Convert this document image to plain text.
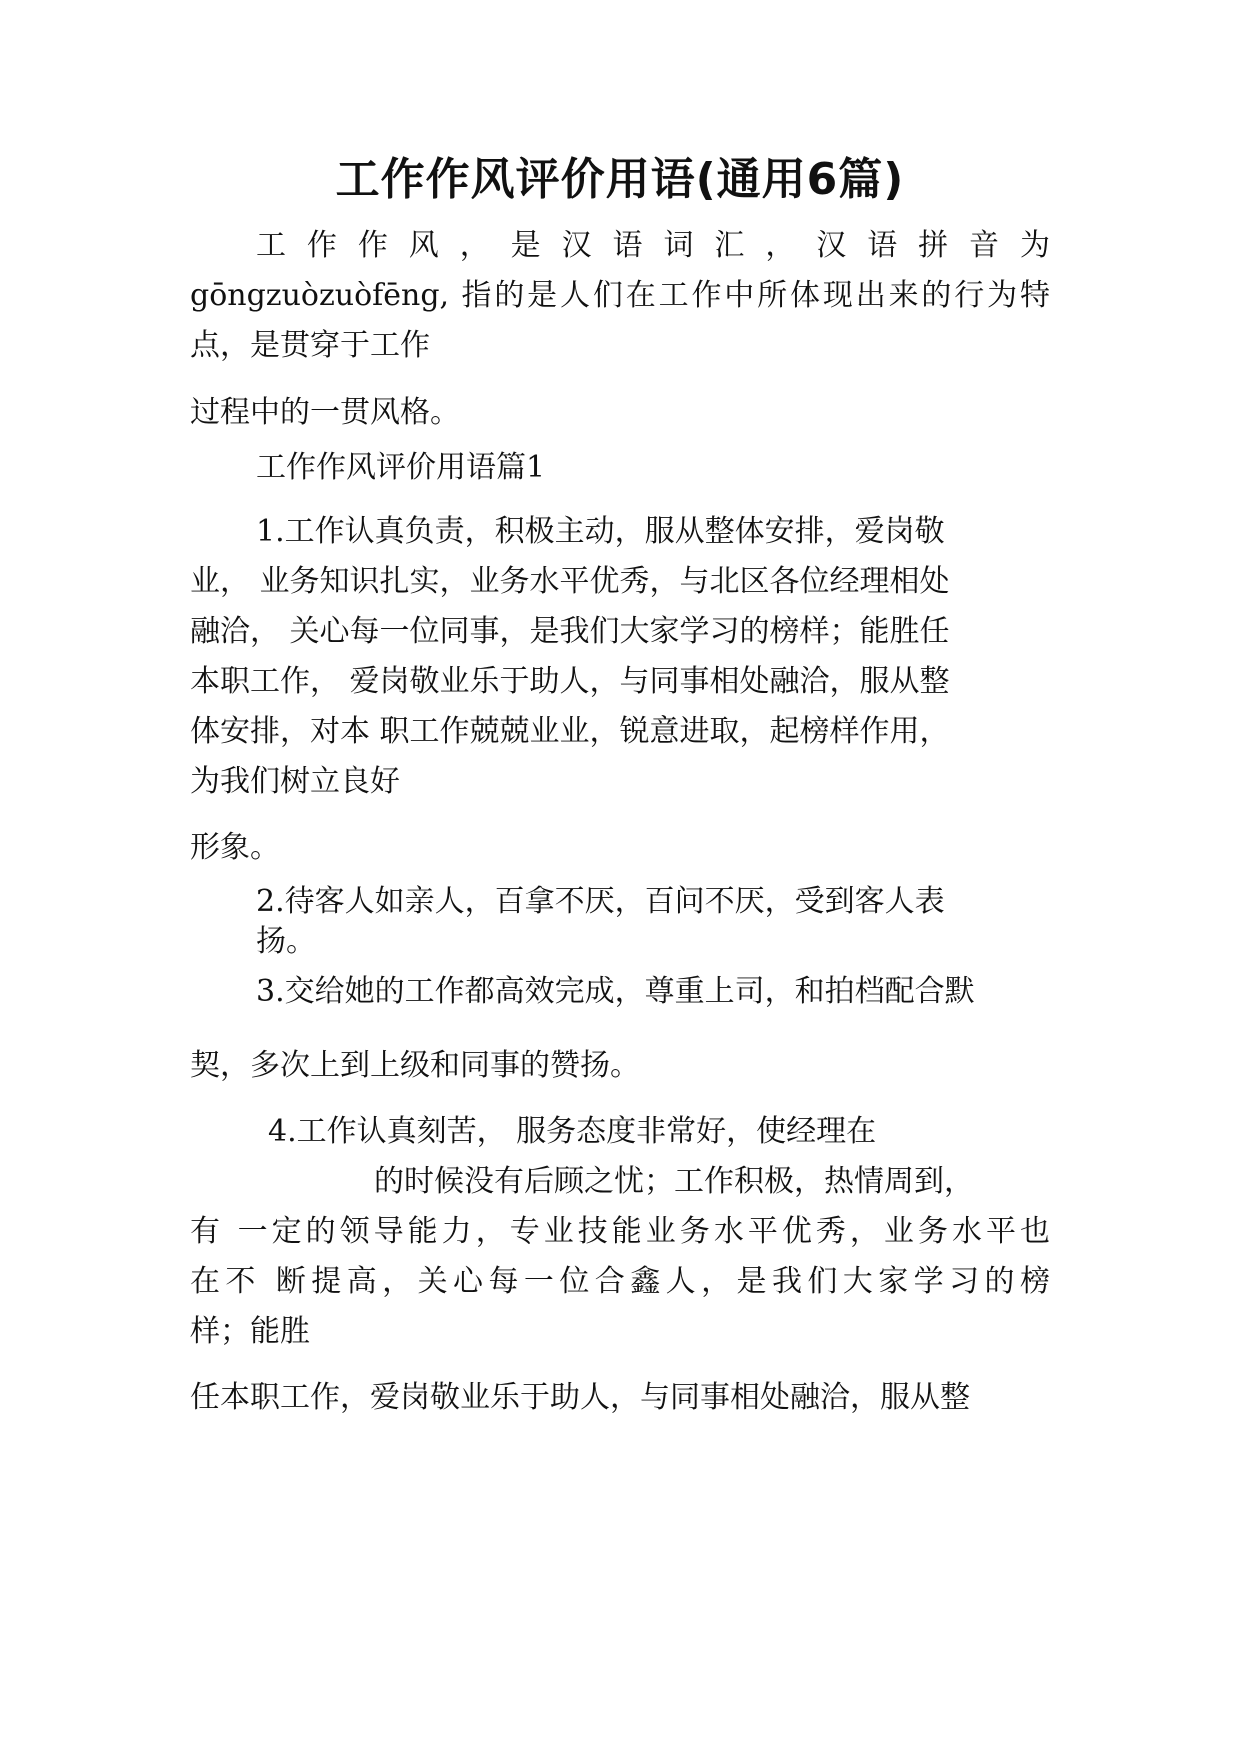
工作作风评价用语(通用6篇)
工 作 作 风 ， 是 汉 语 词 汇 ， 汉 语 拼 音 为
gōngzuòzuòfēng, 指的是人们在工作中所体现出来的行为特
点，是贯穿于工作
过程中的一贯风格。
工作作风评价用语篇1
1.工作认真负责，积极主动，服从整体安排，爱岗敬
业， 业务知识扎实，业务水平优秀，与北区各位经理相处
融洽， 关心每一位同事，是我们大家学习的榜样；能胜任
本职工作， 爱岗敬业乐于助人，与同事相处融洽，服从整
体安排，对本 职工作兢兢业业，锐意进取，起榜样作用，
为我们树立良好
形象。
2.待客人如亲人，百拿不厌，百问不厌，受到客人表
扬。
3.交给她的工作都高效完成，尊重上司，和拍档配合默
契，多次上到上级和同事的赞扬。
4.工作认真刻苦， 服务态度非常好，使经理在
的时候没有后顾之忧；工作积极，热情周到，
有 一定的领导能力，专业技能业务水平优秀，业务水平也
在不 断提高，关心每一位合鑫人，是我们大家学习的榜
样；能胜
任本职工作，爱岗敬业乐于助人，与同事相处融洽，服从整
